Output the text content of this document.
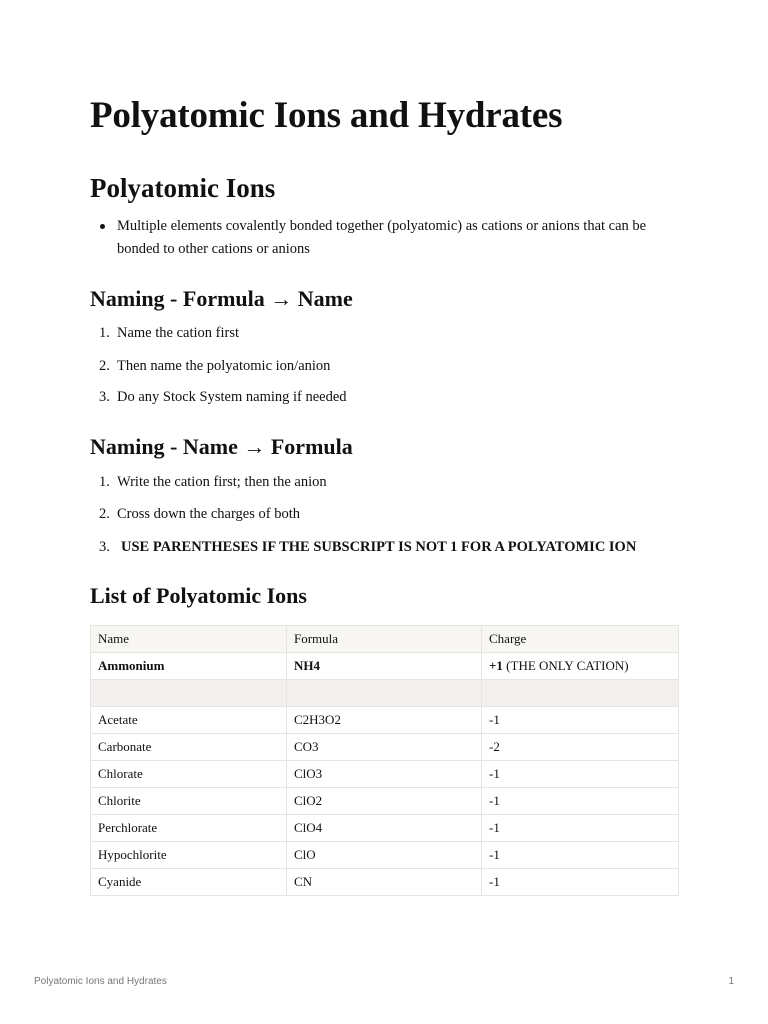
Polyatomic Ions and Hydrates
Polyatomic Ions
Multiple elements covalently bonded together (polyatomic) as cations or anions that can be bonded to other cations or anions
Naming - Formula → Name
1. Name the cation first
2. Then name the polyatomic ion/anion
3. Do any Stock System naming if needed
Naming - Name → Formula
1. Write the cation first; then the anion
2. Cross down the charges of both
3. USE PARENTHESES IF THE SUBSCRIPT IS NOT 1 FOR A POLYATOMIC ION
List of Polyatomic Ions
Name	Formula	Charge
Ammonium	NH4	+1 (THE ONLY CATION)

Acetate	C2H3O2	-1
Carbonate	CO3	-2
Chlorate	ClO3	-1
Chlorite	ClO2	-1
Perchlorate	ClO4	-1
Hypochlorite	ClO	-1
Cyanide	CN	-1
Polyatomic Ions and Hydrates	1
